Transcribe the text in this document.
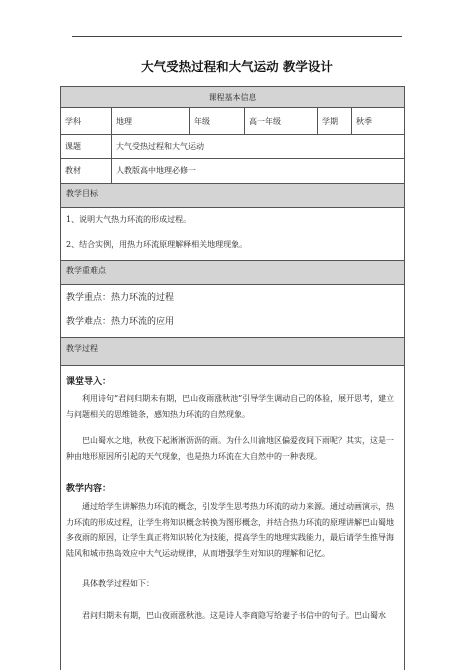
大气受热过程和大气运动 教学设计
课程基本信息
学科	地理	年级	高一年级	学期	秋季
课题	大气受热过程和大气运动
教材	人教版高中地理必修一
教学目标
1、说明大气热力环流的形成过程。
2、结合实例，用热力环流原理解释相关地理现象。
教学重难点
教学重点：热力环流的过程
教学难点：热力环流的应用
教学过程
课堂导入：
利用诗句“君问归期未有期，巴山夜雨涨秋池”引导学生调动自己的体验，展开思考，建立与问题相关的思维链条，感知热力环流的自然现象。
巴山蜀水之地，秋夜下起淅淅沥沥的雨。为什么川渝地区偏爱夜间下雨呢？其实，这是一种由地形原因所引起的天气现象，也是热力环流在大自然中的一种表现。
教学内容：
通过给学生讲解热力环流的概念，引发学生思考热力环流的动力来源。通过动画演示，热力环流的形成过程，让学生将知识概念转换为图形概念，并结合热力环流的原理讲解巴山蜀地多夜雨的原因，让学生真正将知识转化为技能，提高学生的地理实践能力，最后请学生推导海陆风和城市热岛效应中大气运动规律，从而增强学生对知识的理解和记忆。
具体教学过程如下：
君问归期未有期，巴山夜雨涨秋池。这是诗人李商隐写给妻子书信中的句子。巴山蜀水
